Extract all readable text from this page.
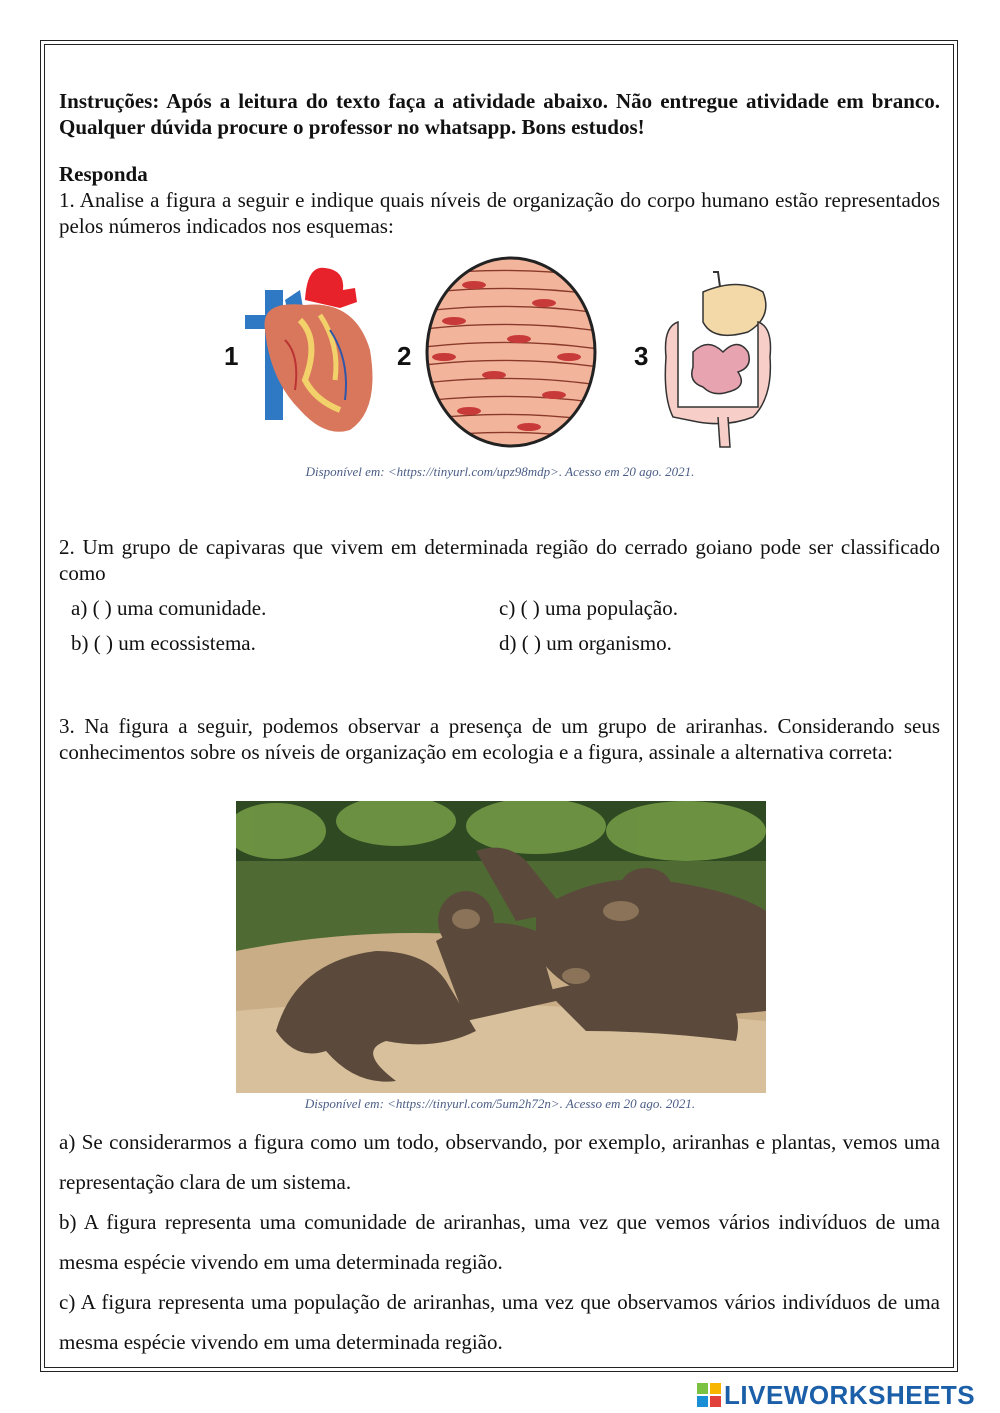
Instruções: Após a leitura do texto faça a atividade abaixo. Não entregue atividade em branco. Qualquer dúvida procure o professor no whatsapp. Bons estudos!

Responda

1. Analise a figura a seguir e indique quais níveis de organização do corpo humano estão representados pelos números indicados nos esquemas:

1	2	3
Disponível em: <https://tinyurl.com/upz98mdp>. Acesso em 20 ago. 2021.

2. Um grupo de capivaras que vivem em determinada região do cerrado goiano pode ser classificado como

a) ( ) uma comunidade.
b) ( ) um ecossistema.
c) ( ) uma população.
d) ( ) um organismo.

3. Na figura a seguir, podemos observar a presença de um grupo de ariranhas. Considerando seus conhecimentos sobre os níveis de organização em ecologia e a figura, assinale a alternativa correta:

Disponível em: <https://tinyurl.com/5um2h72n>. Acesso em 20 ago. 2021.

a) Se considerarmos a figura como um todo, observando, por exemplo, ariranhas e plantas, vemos uma representação clara de um sistema.

b) A figura representa uma comunidade de ariranhas, uma vez que vemos vários indivíduos de uma mesma espécie vivendo em uma determinada região.

c) A figura representa uma população de ariranhas, uma vez que observamos vários indivíduos de uma mesma espécie vivendo em uma determinada região.

LIVEWORKSHEETS
